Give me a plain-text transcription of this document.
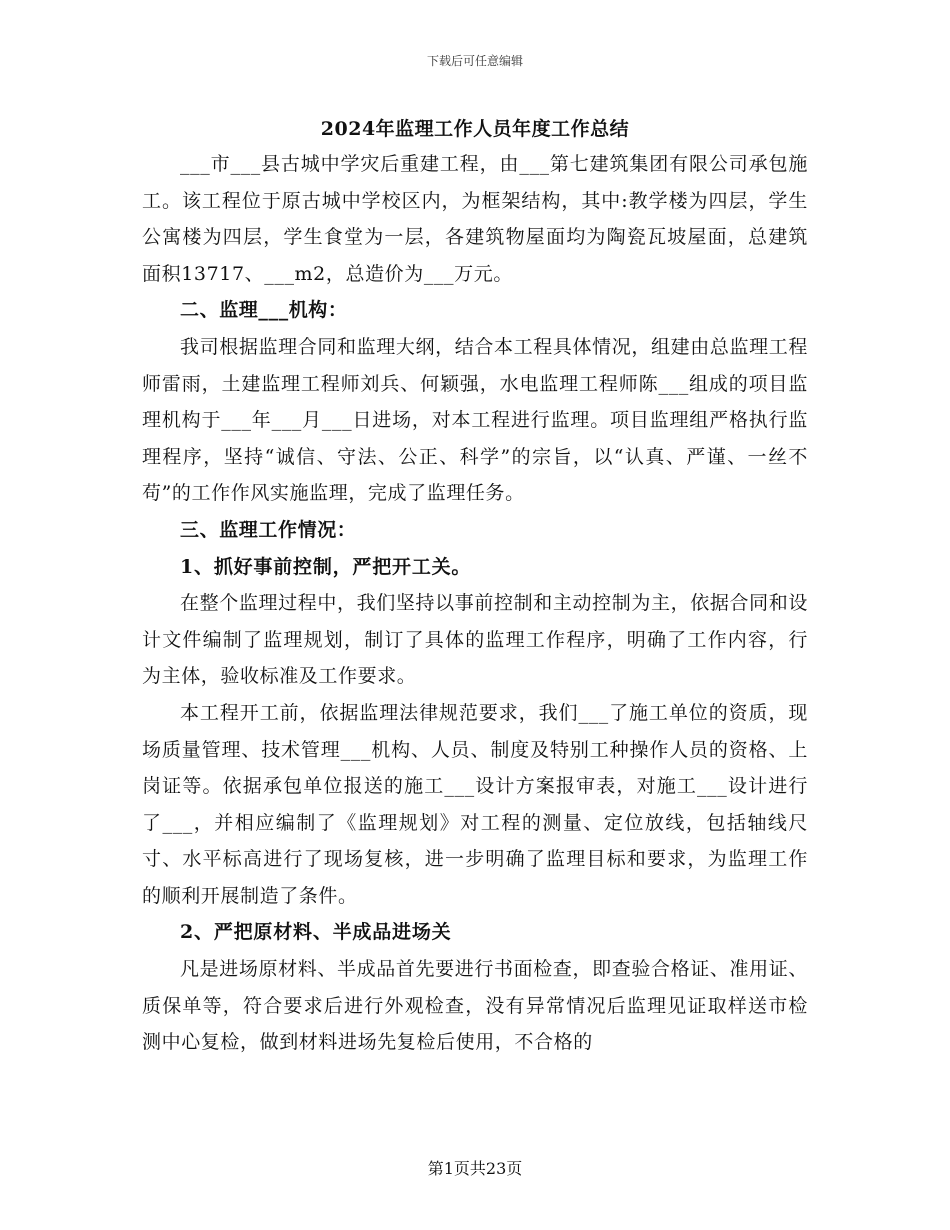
下载后可任意编辑
2024年监理工作人员年度工作总结

___市___县古城中学灾后重建工程，由___第七建筑集团有限公司承包施工。该工程位于原古城中学校区内，为框架结构，其中:教学楼为四层，学生公寓楼为四层，学生食堂为一层，各建筑物屋面均为陶瓷瓦坡屋面，总建筑面积13717、___m2，总造价为___万元。

二、监理___机构：

我司根据监理合同和监理大纲，结合本工程具体情况，组建由总监理工程师雷雨，土建监理工程师刘兵、何颖强，水电监理工程师陈___组成的项目监理机构于___年___月___日进场，对本工程进行监理。项目监理组严格执行监理程序，坚持“诚信、守法、公正、科学”的宗旨，以“认真、严谨、一丝不苟”的工作作风实施监理，完成了监理任务。

三、监理工作情况：

1、抓好事前控制，严把开工关。

在整个监理过程中，我们坚持以事前控制和主动控制为主，依据合同和设计文件编制了监理规划，制订了具体的监理工作程序，明确了工作内容，行为主体，验收标准及工作要求。

本工程开工前，依据监理法律规范要求，我们___了施工单位的资质，现场质量管理、技术管理___机构、人员、制度及特别工种操作人员的资格、上岗证等。依据承包单位报送的施工___设计方案报审表，对施工___设计进行了___，并相应编制了《监理规划》对工程的测量、定位放线，包括轴线尺寸、水平标高进行了现场复核，进一步明确了监理目标和要求，为监理工作的顺利开展制造了条件。

2、严把原材料、半成品进场关

凡是进场原材料、半成品首先要进行书面检查，即查验合格证、准用证、质保单等，符合要求后进行外观检查，没有异常情况后监理见证取样送市检测中心复检，做到材料进场先复检后使用，不合格的

第1页共23页
